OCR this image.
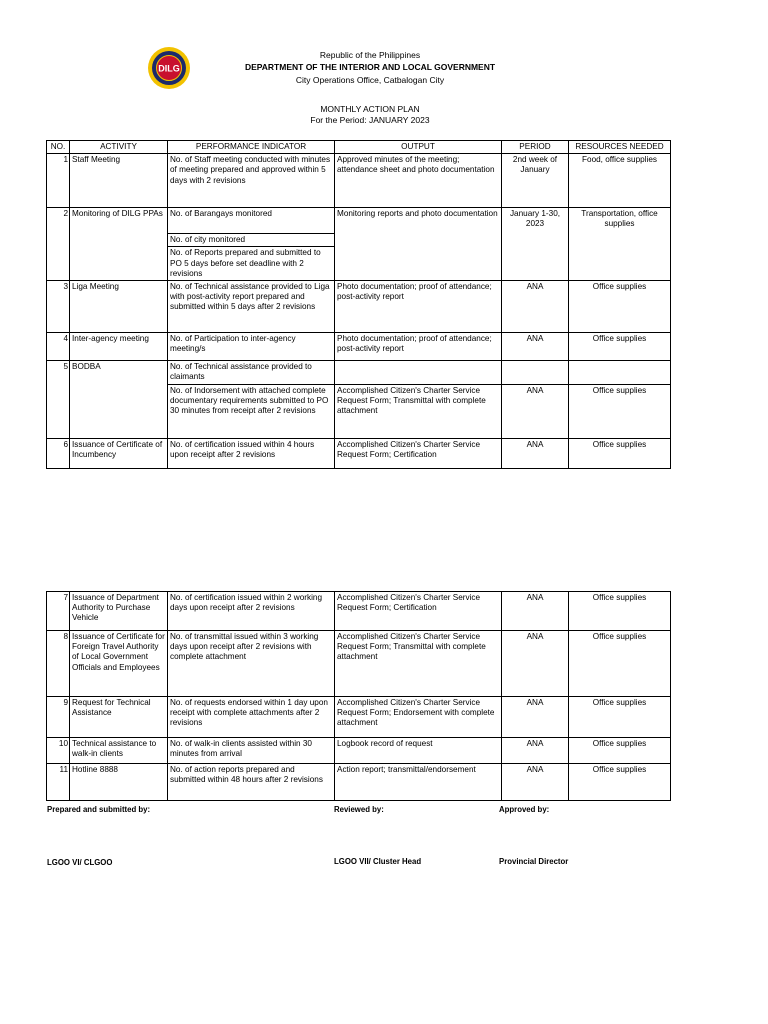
DILG
Republic of the Philippines
DEPARTMENT OF THE INTERIOR AND LOCAL GOVERNMENT
City Operations Office, Catbalogan City
MONTHLY ACTION PLAN
For the Period: JANUARY 2023
NO.	ACTIVITY	PERFORMANCE INDICATOR	OUTPUT	PERIOD	RESOURCES NEEDED
1	Staff Meeting	No. of Staff meeting conducted with minutes of meeting prepared and approved within 5 days with 2 revisions	Approved minutes of the meeting; attendance sheet and photo documentation	2nd week of January	Food, office supplies
2	Monitoring of DILG PPAs	No. of Barangays monitored	Monitoring reports and photo documentation	January 1-30, 2023	Transportation, office supplies
		No. of city monitored			
		No. of Reports prepared and submitted to PO 5 days before set deadline with 2 revisions			
3	Liga Meeting	No. of Technical assistance provided to Liga with post-activity report prepared and submitted within 5 days after 2 revisions	Photo documentation; proof of attendance; post-activity report	ANA	Office supplies
4	Inter-agency meeting	No. of Participation to inter-agency meeting/s	Photo documentation; proof of attendance; post-activity report	ANA	Office supplies
5	BODBA	No. of Technical assistance provided to claimants			
		No. of Indorsement with attached complete documentary requirements submitted to PO 30 minutes from receipt after 2 revisions	Accomplished Citizen's Charter Service Request Form; Transmittal with complete attachment	ANA	Office supplies
6	Issuance of Certificate of Incumbency	No. of certification issued within 4 hours upon receipt after 2 revisions	Accomplished Citizen's Charter Service Request Form; Certification	ANA	Office supplies
7	Issuance of Department Authority to Purchase Vehicle	No. of certification issued within 2 working days upon receipt after 2 revisions	Accomplished Citizen's Charter Service Request Form; Certification	ANA	Office supplies
8	Issuance of Certificate for Foreign Travel Authority of Local Government Officials and Employees	No. of transmittal issued within 3 working days upon receipt after 2 revisions with complete attachment	Accomplished Citizen's Charter Service Request Form; Transmittal with complete attachment	ANA	Office supplies
9	Request for Technical Assistance	No. of requests endorsed within 1 day upon receipt with complete attachments after 2 revisions	Accomplished Citizen's Charter Service Request Form; Endorsement with complete attachment	ANA	Office supplies
10	Technical assistance to walk-in clients	No. of walk-in clients assisted within 30 minutes from arrival	Logbook record of request	ANA	Office supplies
11	Hotline 8888	No. of action reports prepared and submitted within 48 hours after 2 revisions	Action report; transmittal/endorsement	ANA	Office supplies
Prepared and submitted by:	Reviewed by:	Approved by:
LGOO VI/ CLGOO	LGOO VII/ Cluster Head	Provincial Director
